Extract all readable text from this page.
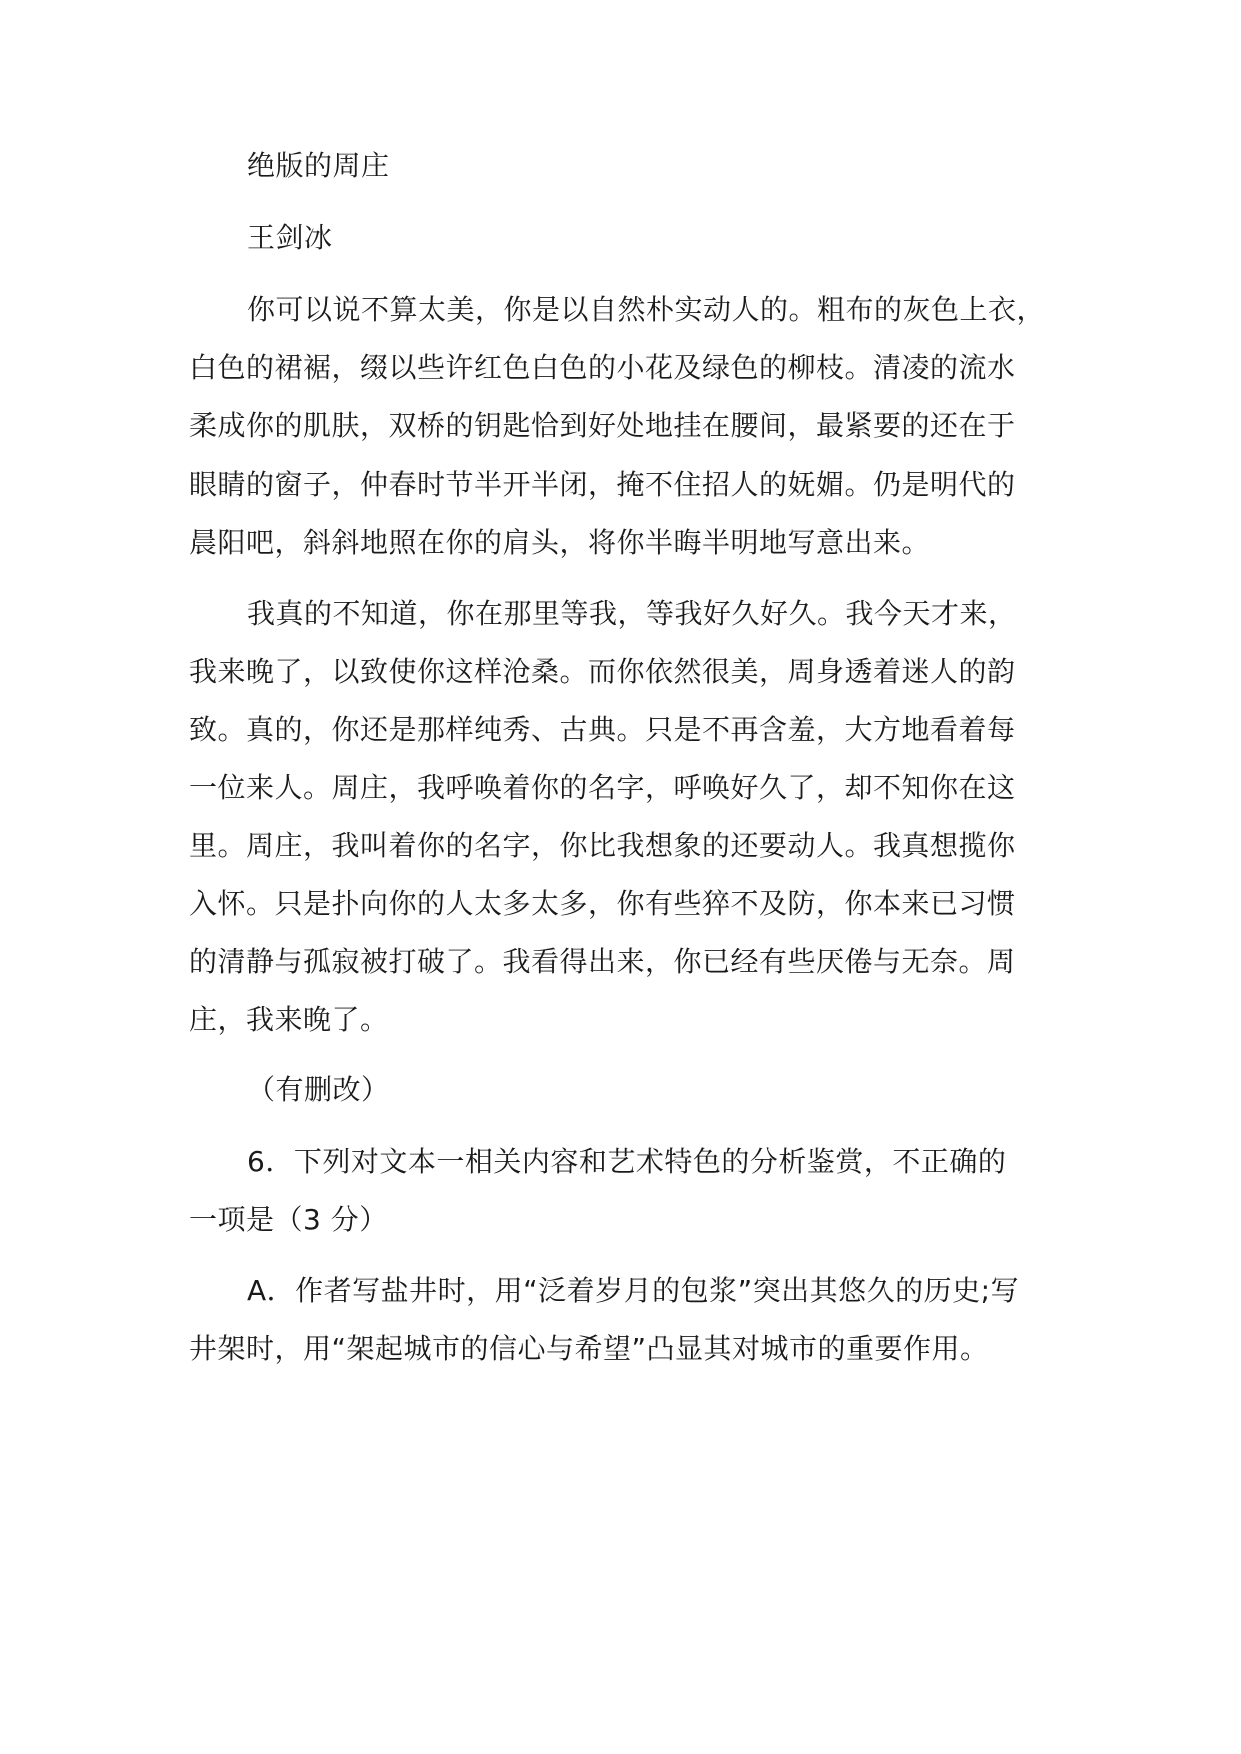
绝版的周庄
王剑冰
你可以说不算太美，你是以自然朴实动人的。粗布的灰色上衣，
白色的裙裾，缀以些许红色白色的小花及绿色的柳枝。清凌的流水
柔成你的肌肤，双桥的钥匙恰到好处地挂在腰间，最紧要的还在于
眼睛的窗子，仲春时节半开半闭，掩不住招人的妩媚。仍是明代的
晨阳吧，斜斜地照在你的肩头，将你半晦半明地写意出来。
我真的不知道，你在那里等我，等我好久好久。我今天才来，
我来晚了，以致使你这样沧桑。而你依然很美，周身透着迷人的韵
致。真的，你还是那样纯秀、古典。只是不再含羞，大方地看着每
一位来人。周庄，我呼唤着你的名字，呼唤好久了，却不知你在这
里。周庄，我叫着你的名字，你比我想象的还要动人。我真想揽你
入怀。只是扑向你的人太多太多，你有些猝不及防，你本来已习惯
的清静与孤寂被打破了。我看得出来，你已经有些厌倦与无奈。周
庄，我来晚了。
（有删改）
6．下列对文本一相关内容和艺术特色的分析鉴赏，不正确的
一项是（3 分）
A．作者写盐井时，用“泛着岁月的包浆”突出其悠久的历史;写
井架时，用“架起城市的信心与希望”凸显其对城市的重要作用。
